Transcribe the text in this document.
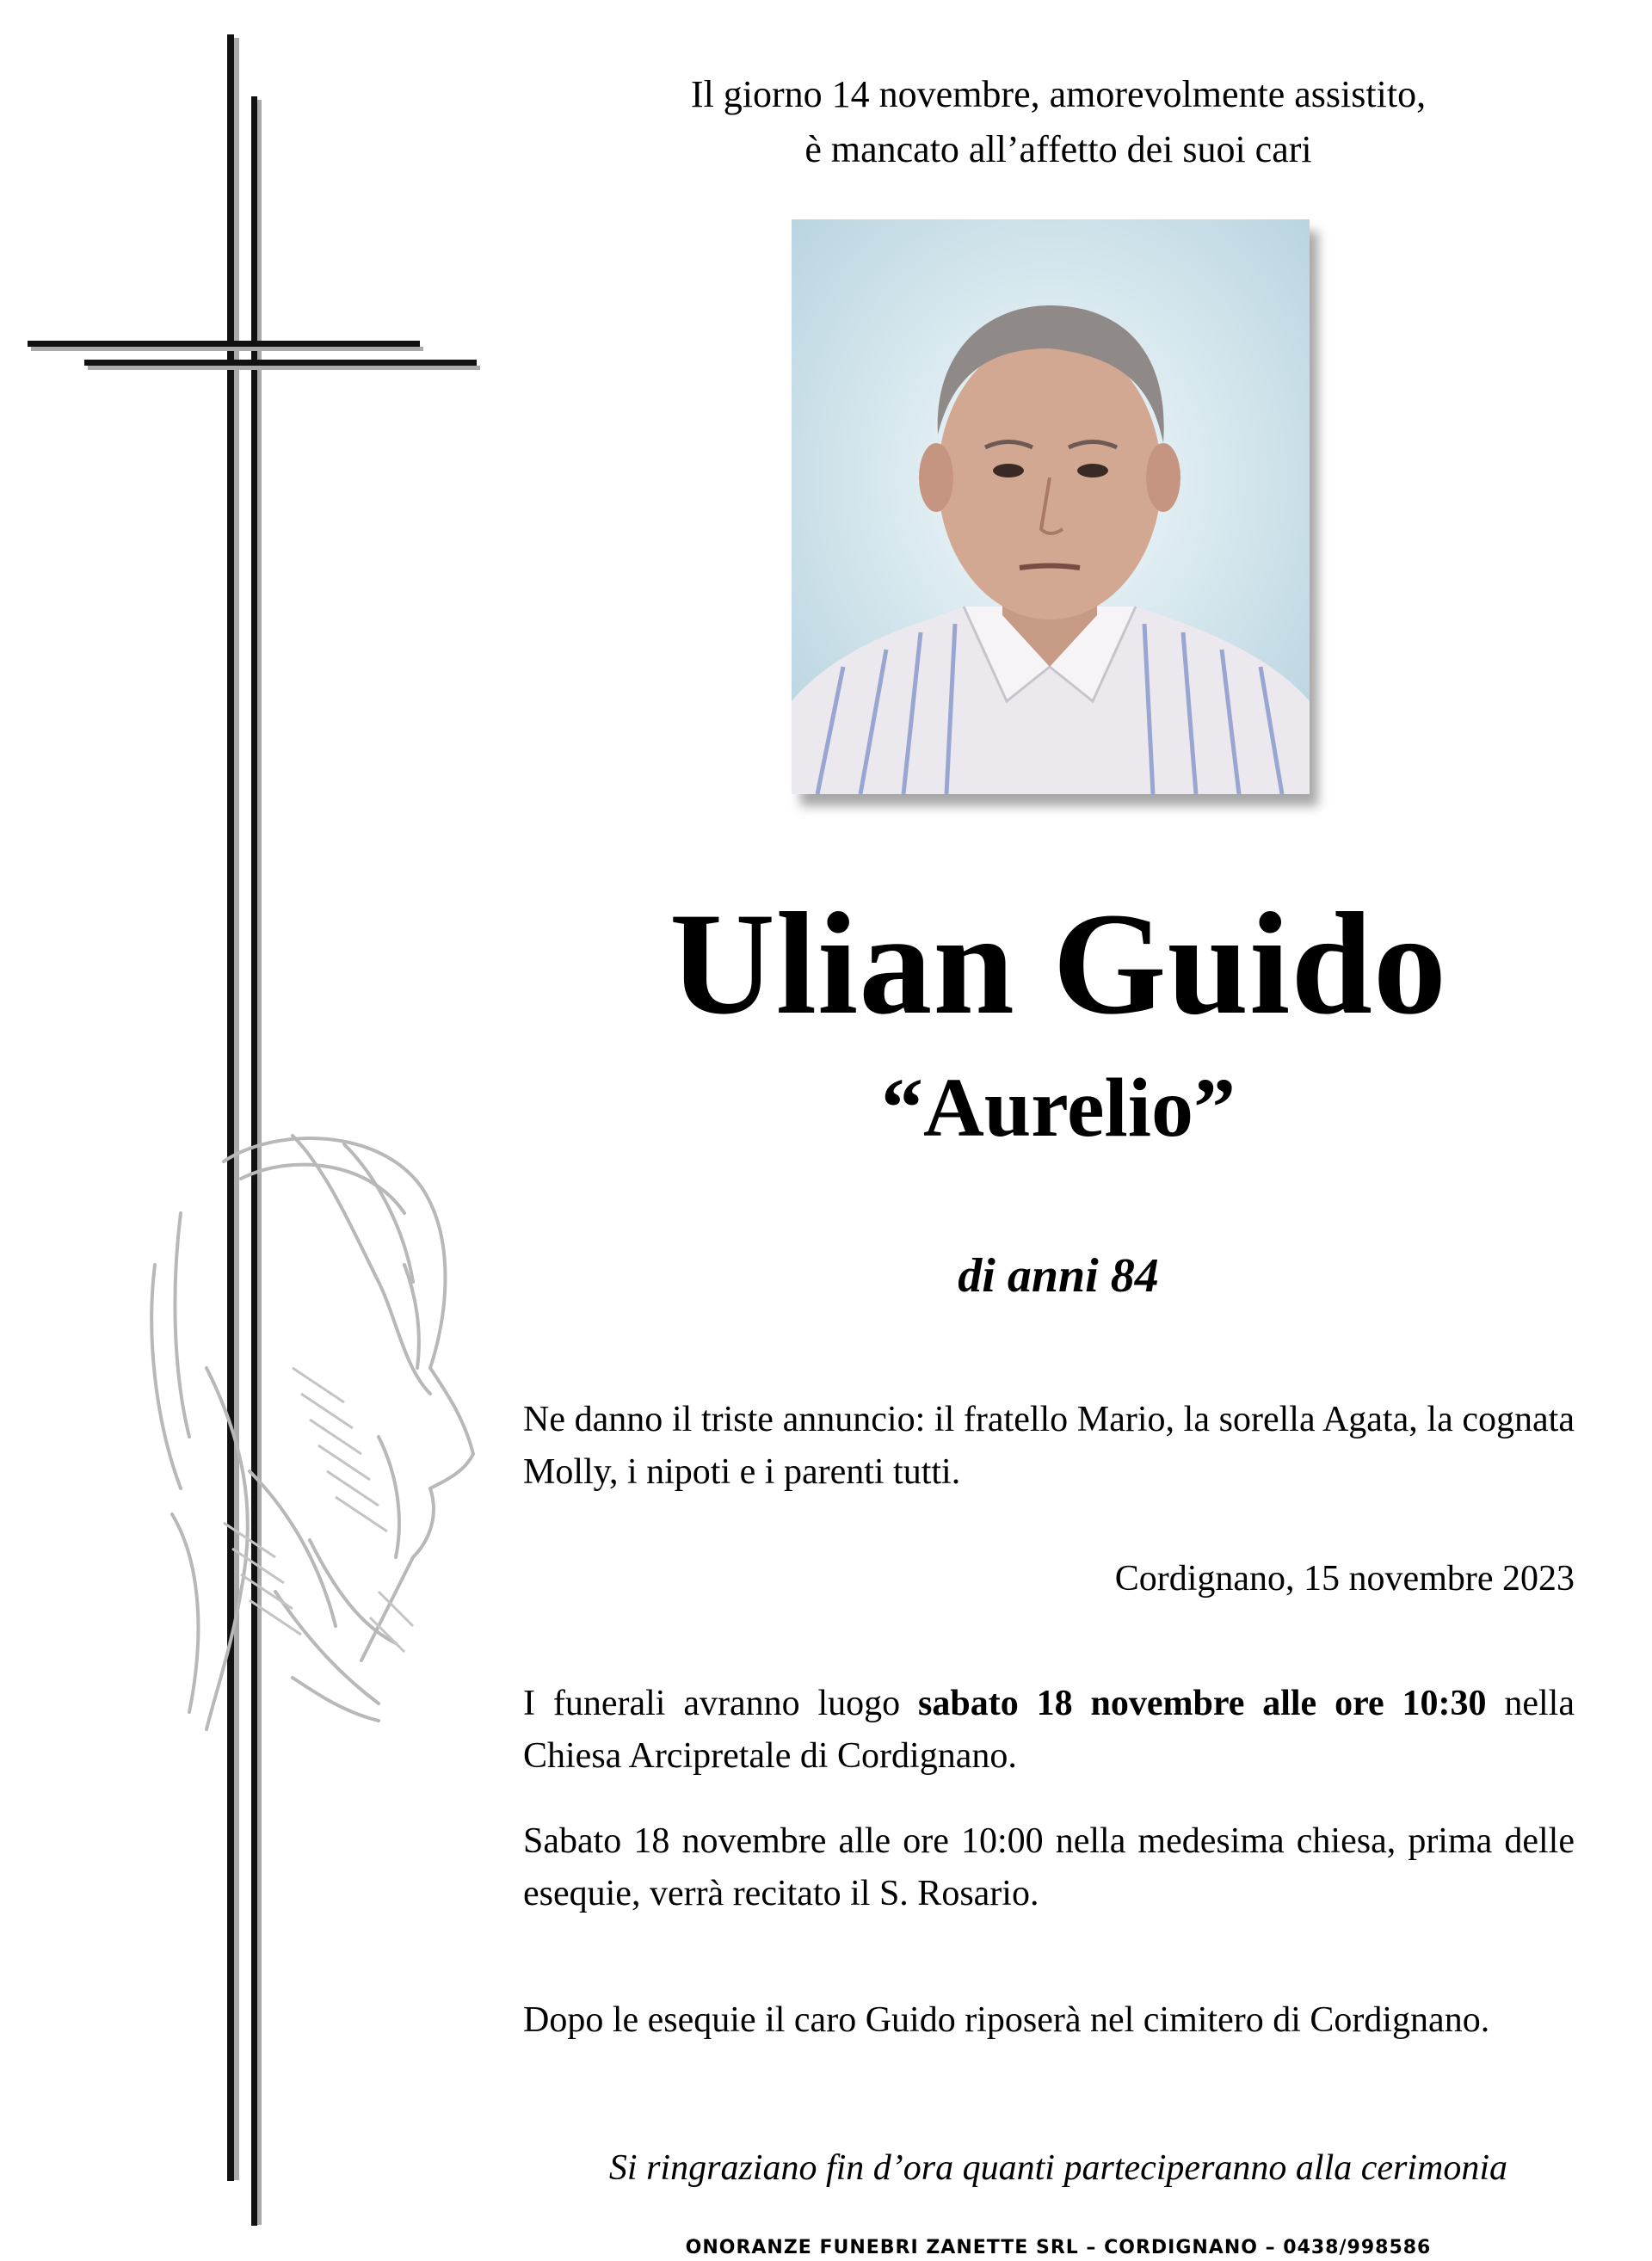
Il giorno 14 novembre, amorevolmente assistito,
è mancato all’affetto dei suoi cari
Ulian Guido
“Aurelio”
di anni 84
Ne danno il triste annuncio: il fratello Mario, la sorella Agata, la cognata Molly, i nipoti e i parenti tutti.
Cordignano, 15 novembre 2023
I funerali avranno luogo sabato 18 novembre alle ore 10:30 nella Chiesa Arcipretale di Cordignano.
Sabato 18 novembre alle ore 10:00 nella medesima chiesa, prima delle esequie, verrà recitato il S. Rosario.
Dopo le esequie il caro Guido riposerà nel cimitero di Cordignano.
Si ringraziano fin d’ora quanti parteciperanno alla cerimonia
ONORANZE FUNEBRI ZANETTE SRL – CORDIGNANO – 0438/998586
